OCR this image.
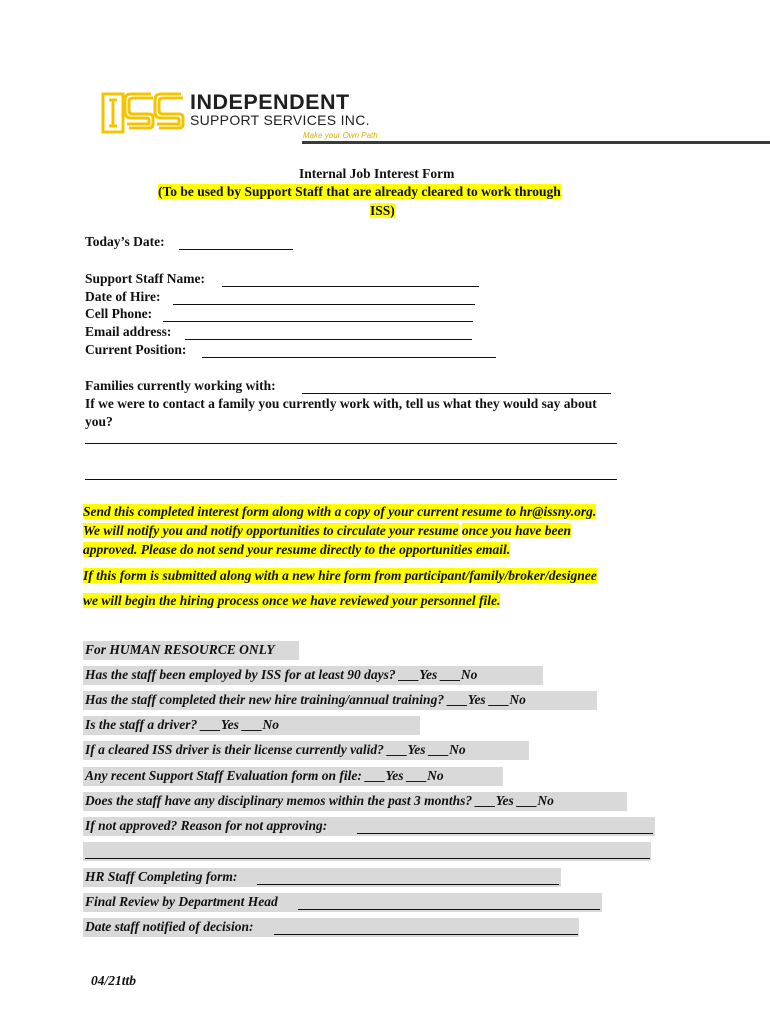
INDEPENDENT
SUPPORT SERVICES INC.
Make your Own Path
Internal Job Interest Form
(To be used by Support Staff that are already cleared to work through
ISS)
Today’s Date:
Support Staff Name:
Date of Hire:
Cell Phone:
Email address:
Current Position:
Families currently working with:
If we were to contact a family you currently work with, tell us what they would say about
you?
Send this completed interest form along with a copy of your current resume to hr@issny.org.
We will notify you and notify opportunities to circulate your resume once you have been
approved. Please do not send your resume directly to the opportunities email.
If this form is submitted along with a new hire form from participant/family/broker/designee
we will begin the hiring process once we have reviewed your personnel file.
For HUMAN RESOURCE ONLY
Has the staff been employed by ISS for at least 90 days? ___Yes ___No
Has the staff completed their new hire training/annual training? ___Yes ___No
Is the staff a driver? ___Yes ___No
If a cleared ISS driver is their license currently valid? ___Yes ___No
Any recent Support Staff Evaluation form on file: ___Yes ___No
Does the staff have any disciplinary memos within the past 3 months? ___Yes ___No
If not approved? Reason for not approving:
HR Staff Completing form:
Final Review by Department Head
Date staff notified of decision:
04/21ttb
